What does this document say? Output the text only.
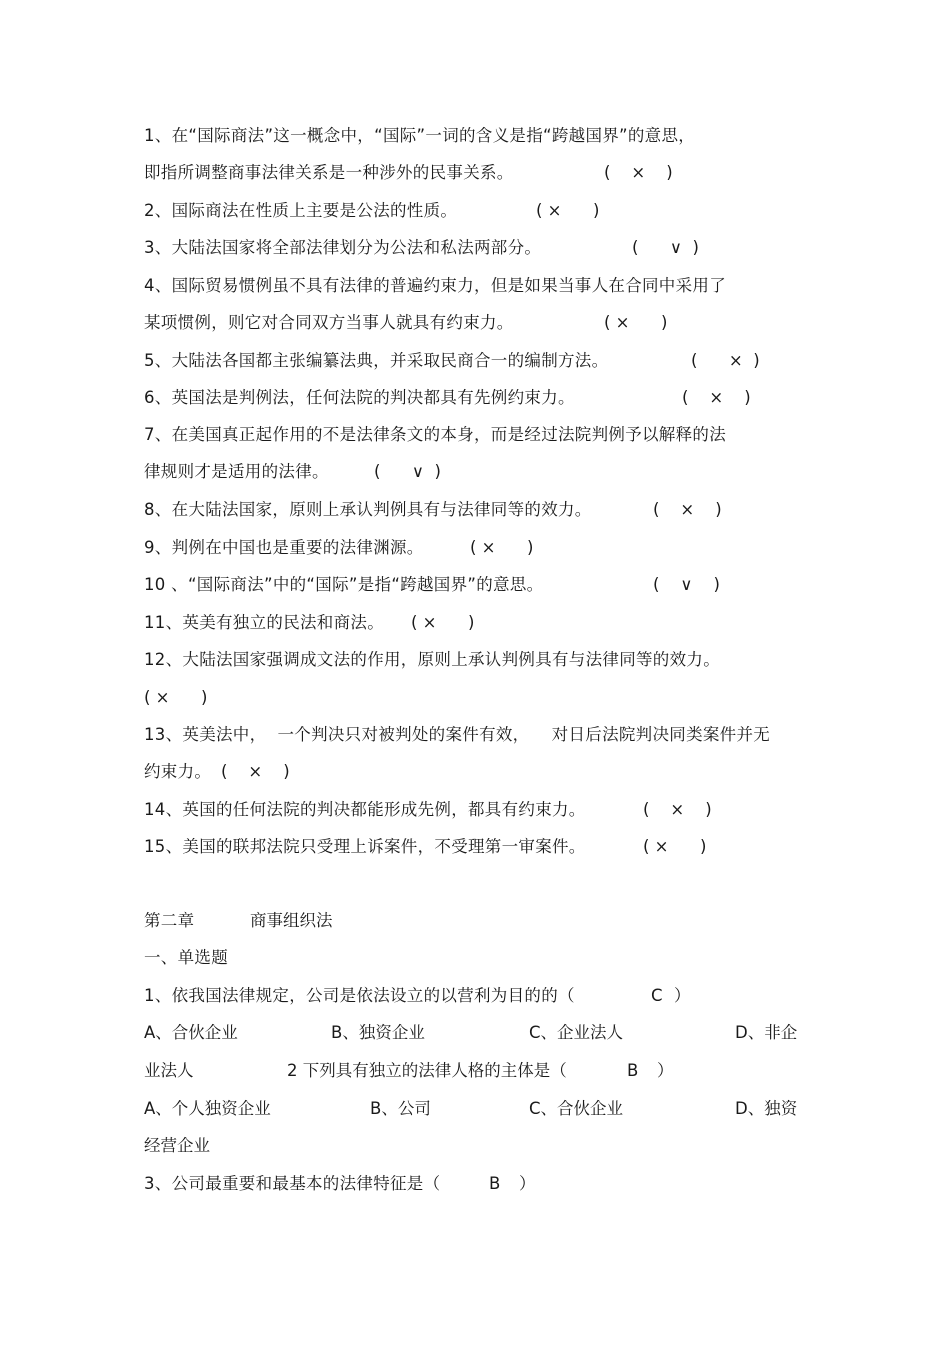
1、在“国际商法”这一概念中，“国际”一词的含义是指“跨越国界”的意思，
即指所调整商事法律关系是一种涉外的民事关系。	(    ×    )
2、国际商法在性质上主要是公法的性质。	( ×      )
3、大陆法国家将全部法律划分为公法和私法两部分。	(      ∨  )
4、国际贸易惯例虽不具有法律的普遍约束力，但是如果当事人在合同中采用了
某项惯例，则它对合同双方当事人就具有约束力。	( ×      )
5、大陆法各国都主张编纂法典，并采取民商合一的编制方法。	(      ×  )
6、英国法是判例法，任何法院的判决都具有先例约束力。	(    ×    )
7、在美国真正起作用的不是法律条文的本身，而是经过法院判例予以解释的法
律规则才是适用的法律。	(      ∨  )
8、在大陆法国家，原则上承认判例具有与法律同等的效力。	(    ×    )
9、判例在中国也是重要的法律渊源。	( ×      )
10 、“国际商法”中的“国际”是指“跨越国界”的意思。	(    ∨    )
11、英美有独立的民法和商法。 ( ×      )
12、大陆法国家强调成文法的作用，原则上承认判例具有与法律同等的效力。
( ×      )
13、英美法中，  一个判决只对被判处的案件有效，    对日后法院判决同类案件并无
约束力。 (    ×    )
14、英国的任何法院的判决都能形成先例，都具有约束力。	(    ×    )
15、美国的联邦法院只受理上诉案件，不受理第一审案件。	( ×      )
第二章	商事组织法
一、单选题
1、依我国法律规定，公司是依法设立的以营利为目的的（	C ）
A、合伙企业	B、独资企业	C、企业法人	D、非企
业法人	2 下列具有独立的法律人格的主体是（	B ）
A、个人独资企业	B、公司	C、合伙企业	D、独资
经营企业
3、公司最重要和最基本的法律特征是（	B ）
